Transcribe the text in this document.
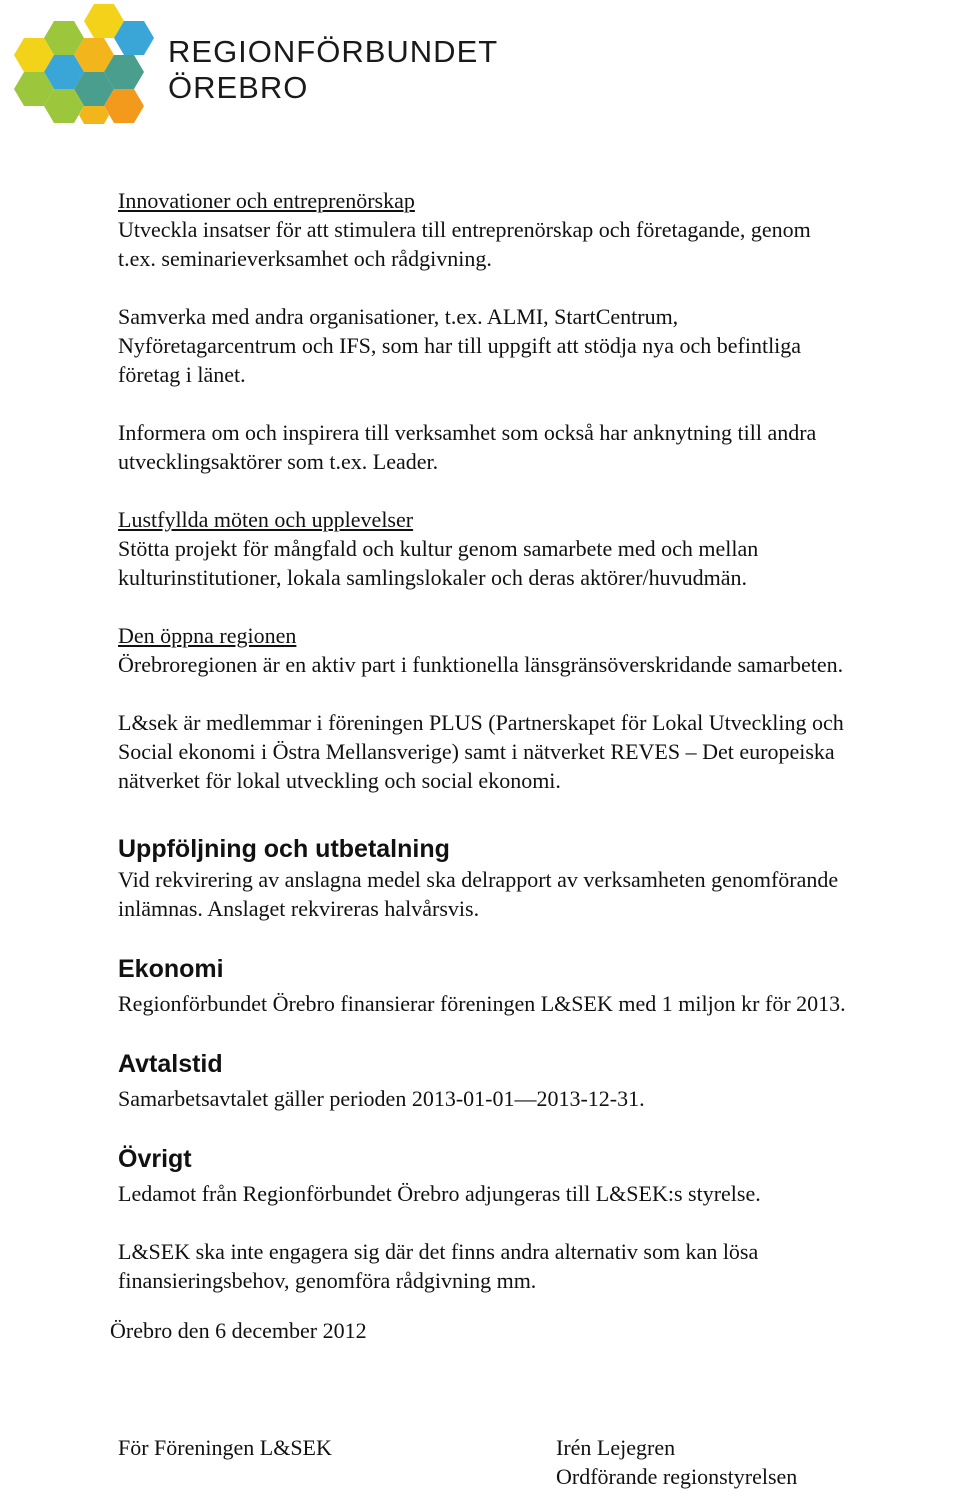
REGIONFÖRBUNDET
ÖREBRO

Innovationer och entreprenörskap

Utveckla insatser för att stimulera till entreprenörskap och företagande, genom

t.ex. seminarieverksamhet och rådgivning.

Samverka med andra organisationer, t.ex. ALMI, StartCentrum,

Nyföretagarcentrum och IFS, som har till uppgift att stödja nya och befintliga

företag i länet.

Informera om och inspirera till verksamhet som också har anknytning till andra

utvecklingsaktörer som t.ex. Leader.

Lustfyllda möten och upplevelser

Stötta projekt för mångfald och kultur genom samarbete med och mellan

kulturinstitutioner, lokala samlingslokaler och deras aktörer/huvudmän.

Den öppna regionen

Örebroregionen är en aktiv part i funktionella länsgränsöverskridande samarbeten.

L&sek är medlemmar i föreningen PLUS (Partnerskapet för Lokal Utveckling och

Social ekonomi i Östra Mellansverige) samt i nätverket REVES – Det europeiska

nätverket för lokal utveckling och social ekonomi.

Uppföljning och utbetalning

Vid rekvirering av anslagna medel ska delrapport av verksamheten genomförande

inlämnas. Anslaget rekvireras halvårsvis.

Ekonomi

Regionförbundet Örebro finansierar föreningen L&SEK med 1 miljon kr för 2013.

Avtalstid

Samarbetsavtalet gäller perioden 2013-01-01—2013-12-31.

Övrigt

Ledamot från Regionförbundet Örebro adjungeras till L&SEK:s styrelse.

L&SEK ska inte engagera sig där det finns andra alternativ som kan lösa

finansieringsbehov, genomföra rådgivning mm.

Örebro den 6 december 2012
För Föreningen L&SEK	Irén Lejegren
Ordförande regionstyrelsen
